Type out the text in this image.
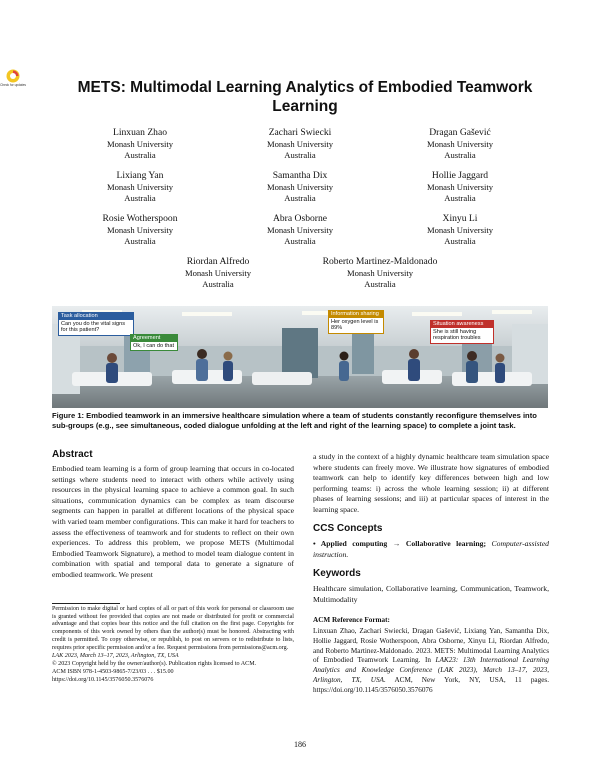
Check for updates	METS: Multimodal Learning Analytics of Embodied Teamwork Learning
Linxuan Zhao
Monash University
Australia
Zachari Swiecki
Monash University
Australia
Dragan Gašević
Monash University
Australia
Lixiang Yan
Monash University
Australia
Samantha Dix
Monash University
Australia
Hollie Jaggard
Monash University
Australia
Rosie Wotherspoon
Monash University
Australia
Abra Osborne
Monash University
Australia
Xinyu Li
Monash University
Australia
Riordan Alfredo
Monash University
Australia
Roberto Martinez-Maldonado
Monash University
Australia
Task allocation
Can you do the vital signs for this patient?
Agreement
Ok, I can do that
Information sharing
Her oxygen level is 89%
Situation awareness
She is still having respiration troubles
Figure 1: Embodied teamwork in an immersive healthcare simulation where a team of students constantly reconfigure themselves into sub-groups (e.g., see simultaneous, coded dialogue unfolding at the left and right of the learning space) to complete a joint task.
Abstract
Embodied team learning is a form of group learning that occurs in co-located settings where students need to interact with others while actively using resources in the physical learning space to achieve a common goal. In such situations, communication dynamics can be complex as team discourse segments can happen in parallel at different locations of the physical space with varied team member configurations. This can make it hard for teachers to assess the effectiveness of teamwork and for students to reflect on their own experiences. To address this problem, we propose METS (Multimodal Embodied Teamwork Signature), a method to model team dialogue content in combination with spatial and temporal data to generate a signature of embodied teamwork. We present
Permission to make digital or hard copies of all or part of this work for personal or classroom use is granted without fee provided that copies are not made or distributed for profit or commercial advantage and that copies bear this notice and the full citation on the first page. Copyrights for components of this work owned by others than the author(s) must be honored. Abstracting with credit is permitted. To copy otherwise, or republish, to post on servers or to redistribute to lists, requires prior specific permission and/or a fee. Request permissions from permissions@acm.org.
LAK 2023, March 13–17, 2023, Arlington, TX, USA
© 2023 Copyright held by the owner/author(s). Publication rights licensed to ACM.
ACM ISBN 978-1-4503-9865-7/23/03 . . . $15.00
https://doi.org/10.1145/3576050.3576076
a study in the context of a highly dynamic healthcare team simulation space where students can freely move. We illustrate how signatures of embodied teamwork can help to identify key differences between high and low performing teams: i) across the whole learning session; ii) at different phases of learning sessions; and iii) at particular spaces of interest in the learning space.
CCS Concepts
• Applied computing → Collaborative learning; Computer-assisted instruction.
Keywords
Healthcare simulation, Collaborative learning, Communication, Teamwork, Multimodality
ACM Reference Format:
Linxuan Zhao, Zachari Swiecki, Dragan Gašević, Lixiang Yan, Samantha Dix, Hollie Jaggard, Rosie Wotherspoon, Abra Osborne, Xinyu Li, Riordan Alfredo, and Roberto Martinez-Maldonado. 2023. METS: Multimodal Learning Analytics of Embodied Teamwork Learning. In LAK23: 13th International Learning Analytics and Knowledge Conference (LAK 2023), March 13–17, 2023, Arlington, TX, USA. ACM, New York, NY, USA, 11 pages. https://doi.org/10.1145/3576050.3576076
186
